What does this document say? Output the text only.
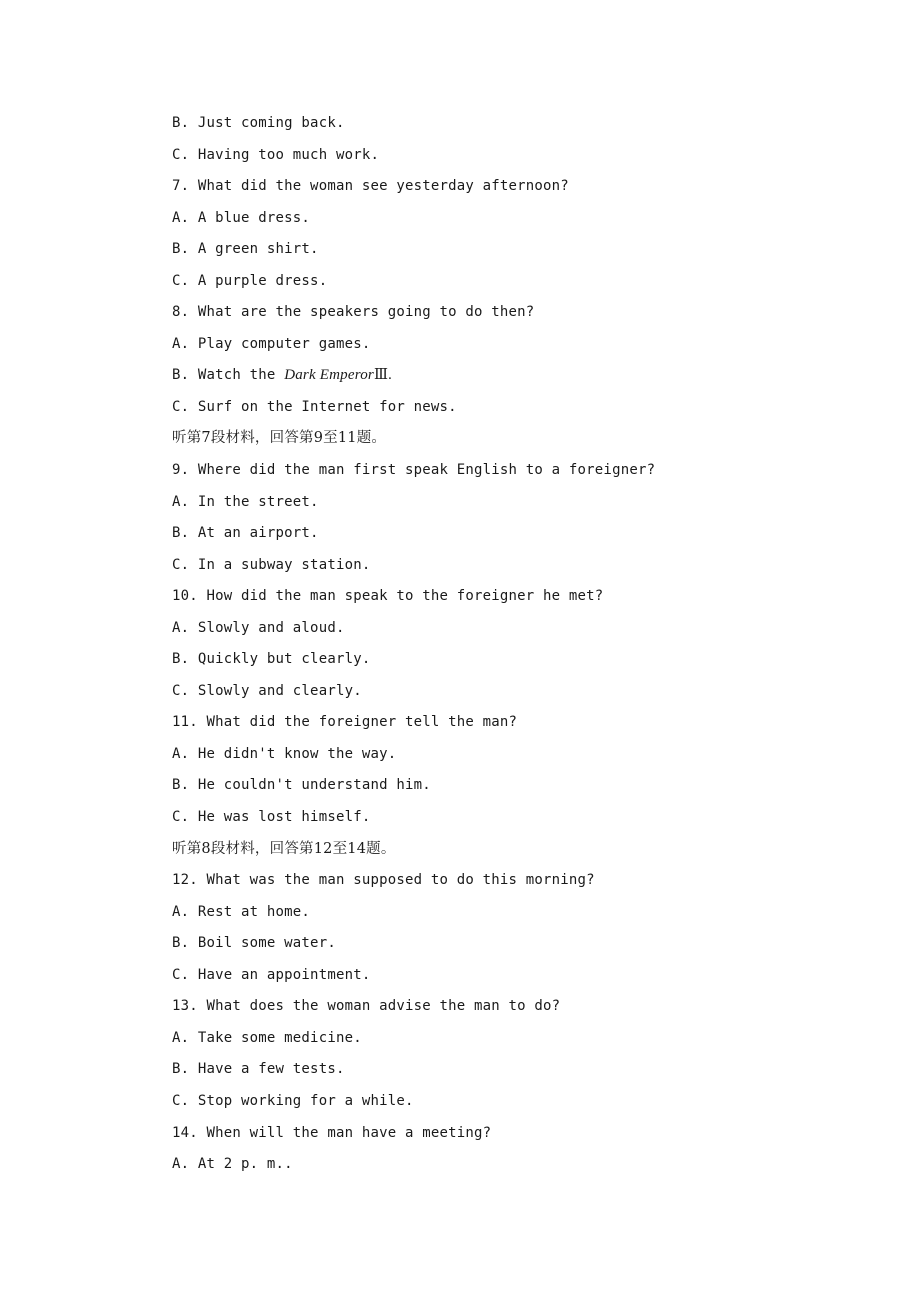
B. Just coming back.
C. Having too much work.
7. What did the woman see yesterday afternoon?
A. A blue dress.
B. A green shirt.
C. A purple dress.
8. What are the speakers going to do then?
A. Play computer games.
B. Watch the Dark EmperorⅢ.
C. Surf on the Internet for news.
听第7段材料，回答第9至11题。
9. Where did the man first speak English to a foreigner?
A. In the street.
B. At an airport.
C. In a subway station.
10. How did the man speak to the foreigner he met?
A. Slowly and aloud.
B. Quickly but clearly.
C. Slowly and clearly.
11. What did the foreigner tell the man?
A. He didn't know the way.
B. He couldn't understand him.
C. He was lost himself.
听第8段材料，回答第12至14题。
12. What was the man supposed to do this morning?
A. Rest at home.
B. Boil some water.
C. Have an appointment.
13. What does the woman advise the man to do?
A. Take some medicine.
B. Have a few tests.
C. Stop working for a while.
14. When will the man have a meeting?
A. At 2 p. m..
